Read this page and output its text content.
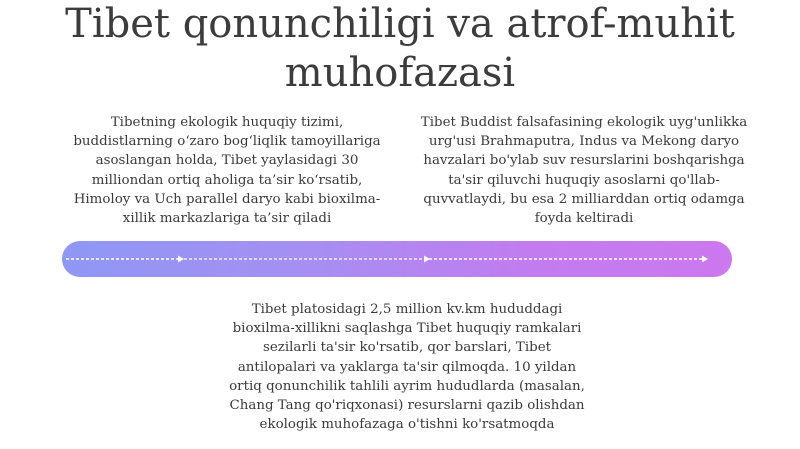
Tibet qonunchiligi va atrof-muhit muhofazasi
Tibetning ekologik huquqiy tizimi, buddistlarning o‘zaro bog‘liqlik tamoyillariga asoslangan holda, Tibet yaylasidagi 30 milliondan ortiq aholiga ta’sir ko‘rsatib, Himoloy va Uch parallel daryo kabi bioxilma-xillik markazlariga ta’sir qiladi
Tibet Buddist falsafasining ekologik uyg'unlikka urg'usi Brahmaputra, Indus va Mekong daryo havzalari bo'ylab suv resurslarini boshqarishga ta'sir qiluvchi huquqiy asoslarni qo'llab-quvvatlaydi, bu esa 2 milliarddan ortiq odamga foyda keltiradi
Tibet platosidagi 2,5 million kv.km hududdagi bioxilma-xillikni saqlashga Tibet huquqiy ramkalari sezilarli ta'sir ko'rsatib, qor barslari, Tibet antilopalari va yaklarga ta'sir qilmoqda. 10 yildan ortiq qonunchilik tahlili ayrim hududlarda (masalan, Chang Tang qo'riqxonasi) resurslarni qazib olishdan ekologik muhofazaga o'tishni ko'rsatmoqda
